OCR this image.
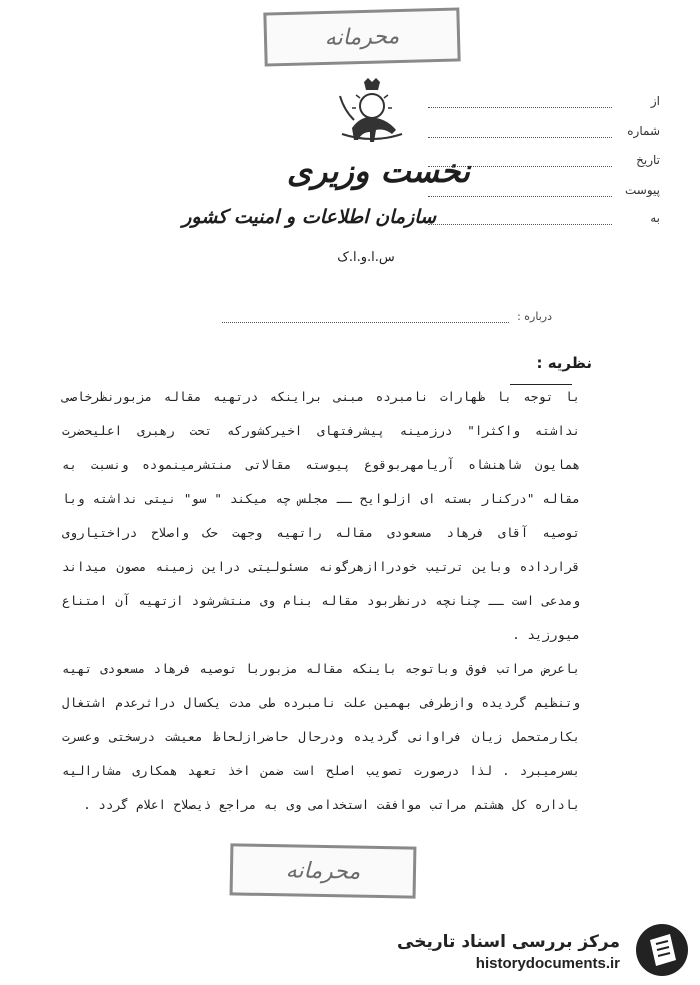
محرمانه
نخست وزیری
سازمان اطلاعات و امنیت کشور
س.ا.و.ا.ک
از
شماره
تاریخ
پیوست
به
درباره :
نظریه :

با توجه با ظهارات نامبرده مبنی براینکه درتهیه مقاله مزبورنظرخاصی نداشته واکثرا" درزمینه پیشرفتهای اخیرکشورکه تحت رهبری اعلیحضرت همایون شاهنشاه آریامهربوقوع پیوسته مقالاتی منتشرمینموده ونسبت به مقاله "درکنار بسته ای ازلوایح ــ مجلس چه میکند " سو" نیتی نداشته وبا توصیه آقای فرهاد مسعودی مقاله راتهیه وجهت حک واصلاح دراختیاروی قرارداده وباین ترتیب خودراازهرگونه مسئولیتی دراین زمینه مصون میداند ومدعی است ــ چنانچه درنظربود مقاله بنام وی منتشرشود ازتهیه آن امتناع میورزید .

باعرض مراتب فوق وباتوجه باینکه مقاله مزبوربا توصیه فرهاد مسعودی تهیه وتنظیم گردیده وازطرفی بهمین علت نامبرده طی مدت یکسال دراثرعدم اشتغال بکارمتحمل زیان فراوانی گردیده ودرحال حاضرازلحاظ معیشت درسختی وعسرت بسرمیبرد . لذا درصورت تصویب اصلح است ضمن اخذ تعهد همکاری مشارالیه باداره کل هشتم مراتب موافقت استخدامی وی به مراجع ذیصلاح اعلام گردد .

محرمانه
مرکز بررسی اسناد تاریخی
historydocuments.ir
